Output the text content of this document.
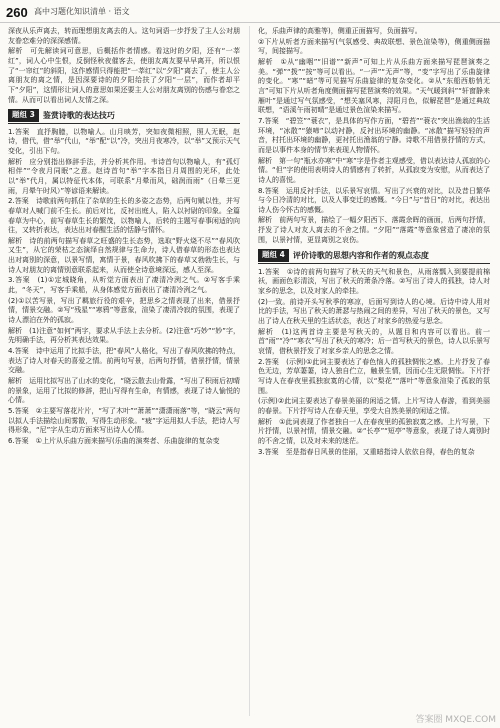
260 高中习题化知识清单 · 语文

深夜从乐声离去，转而理想朋友离去的人。这句词语一步抒发了主人公对朋友眷恋难分的深深感情。

解析　可先解读词可意思，后概括作者情感。看这时的夕阳，还有“一莘红”，词人心中生恨，反倒怪秋夜催客去，使朋友离友要早早离开，所以恨了“一帘红”的斜阳，这作感情只得能把“一莘红”以“夕阳”离去了，使主人公离朋友的离之情，是因深要诗的的夕阳给扶了夕阳“一层”，而作者却平下“夕阳”，这情形让词人的意思如果还要主人公对朋友离别的伤感与眷恋之情。从而可以看出词人友情之深。

题组 3	鉴赏诗歌的表达技巧

1.答案　直抒胸臆，以物喻人。山月映芳，突如夜微相照，照人无眠，赵诗，借代，借“举”代山，“举”配“以”冷，突出月夜寒冷，以“举”又预示天气变化，引出下句。

解析　应分别指出修辞手法，并分析其作用。韦诗首句以物喻人，有“孤灯相伴”“令夜月同眠”之意。赵诗首句“举”字本指日月周围的光环，此处以“举”代月，属以特征代本体，可联系“月晕而风，础润而雨”（日晕三更雨，月晕午时风）”等谚语来解读。

2.答案　诗歌前两句抓住了杂草的生长的多姿之态势，后两句赋以性，并写春草对人喊门前不生长。前后对比，反衬出庭人，陷入以衬尉的印象。全篇春草为中心，前写春草生长的繁茂，以物喻人，后转的主题写春事闲适的向往，又转折表达，表达出对春醒生活的恬静与情怀。

解析　诗的前两句描写春草之旺盛的生长态势，选取“野火烧不尽”“春风吹又生”，从它的荣枯之态演绎自然规律与生命力，诗人借春草的形态也表达出对离别的深意，以景写情，寓情于景，春风吹拂下的春草又勃勃生长，与诗人对朋友的离情别意联系起来，从而使全诗意境深远，感人至深。

3.答案　(1)①定城晓角，从听觉方面表出了凄清冷洌之气。②写客手乘此，“冬天”，写客手乘船，从身体感觉方面表出了凄清冷洌之气。

(2)①以苦写景，写出了羁旅行役的艰辛，把思乡之情表现了出来，借景抒情，情景交融。②写“残星”“寒鸦”等意象，渲染了凄清冷寂的氛围，表现了诗人漂泊在外的孤寂。

解析　(1)注意“如何”两字，要求从手法上去分析。(2)注意“巧妙”“妙”字，先明确手法，再分析其表达效果。

4.答案　诗中运用了比拟手法，把“春风”人格化，写出了春风吹拂的特点，表达了诗人对春天的喜爱之情。前两句写景，后两句抒情，借景抒情，情景交融。

解析　运用比拟写出了山水的变化，“晓云散去山骨露，“写出了积雨后初晴的景象，运用了比拟的修辞，把山写得有生命，有情感，表现了诗人愉悦的心情。

5.答案　②主要写落花片片，“写了木叶”“萧萧”“潇潇雨落”等，“晓云”两句以拟人手法描绘山间雾散，写得生动形象。“疲”字运用拟人手法，把诗人写得形象，“尼”字从生动方面来写出诗人心情。

6.答案　①上片从乐曲方面来描写(乐曲的演奏者、乐曲旋律的复杂变

化，乐曲声律的高雅等)，侧重正面描写，负面描写。

②下片从听者方面来描写(气氛感受、典故联想、景色渲染等)，侧重侧面描写，间接描写。

解析　①从“幽咽”“旧谱”“新声”可知上片从乐曲方面来描写琵琶演奏之美。“弹”“拨”“按”等可以看出。“一声”“无声”等，“变”字写出了乐曲旋律的变化。“寒”“暗”等可见描写乐曲旋律的复杂变化。②从“东船西舫悄无言”可知下片从听者角度侧面描写琵琶演奏的效果。“天气暖到斜”“轩窗静来雁叶”是通过写气氛感受，“想关塞风寒，浔阳月色，似解琵琶”是通过典故联想，“语溪午雨初晴”是通过景色渲染来描写。

7.答案　“碧笠”“蓑衣”，是具体的写作方面，“碧苔”“蓑衣”突出渔翁的生活环境，“冰散”“猿啼”以动衬静，反衬出环境的幽静。“冰散”描写轻轻的声音，村托出环境的幽静，更衬托出渔翁的宁静。诗歌不用借景抒情的方式，而是以事件本身的情节来表现人物情怀。

解析　第一句“瓶水亦寒”中“寒”字是作者主观感受，借以表达诗人孤寂的心情。“但”字的使用表明诗人的情感有了转折，从孤寂变为安慰，从而表达了诗人的喜悦。

8.答案　运用反衬手法，以乐景写哀情。写出了兴衰的对比，以及昔日繁华与今日冷清的对比，以及人事变迁的感慨。“今日”与“昔日”的对比，表达出诗人伤今怀古的感慨。

解析　前两句写景，描绘了一幅夕阳西下、落霞余晖的画面，后两句抒情，抒发了诗人对友人离去的不舍之情。“夕阳”“落霞”等意象营造了凄凉的氛围，以景衬情，更显离别之哀伤。

题组 4	评价诗歌的思想内容和作者的观点态度

1.答案　①诗的前两句描写了秋天的天气和景色，从雨落瓢入到要提前棉袄，画面色彩清淡，写出了秋天的萧条冷落。②写出了诗人的孤独，诗人对家乡的思念，以及对家人的牵挂。

(2)一致。前诗开头写秋季的寒凉，后面写到诗人的心境。后诗中诗人用对比的手法，写出了秋天的萧瑟与热闹之间的差异，写出了秋天的景色，又写出了诗人在秋天里的生活状态，表达了对家乡的热爱与思念。

解析　(1)这两首诗主要是写秋天的，从题目和内容可以看出。前一首“雨”“冷”“寒衣”写出了秋天的寒冷；后一首写秋天的景色，诗人以乐景写哀情，借秋景抒发了对家乡亲人的思念之情。

2.答案　(示例)①此词主要表达了春色恼人的孤独惆怅之感。上片抒发了春色无边，芳草萋萋，诗人独自伫立，触景生情，因而心生无限惆怅。下片抒写诗人在春夜里孤独寂寞的心情，以“梨花”“落叶”等意象渲染了孤寂的氛围。

(示例)②此词主要表达了春景美丽的闲适之情。上片写诗人春游，看到美丽的春景。下片抒写诗人在春天里，享受大自然美景的闲适之情。

解析　①此词表现了作者独自一人在春夜里的孤独寂寞之感。上片写景，下片抒情，以景衬情，情景交融。②“长亭”“短亭”等意象，表现了诗人离别时的不舍之情，以及对未来的迷茫。

3.答案　至是指春日风景的佳丽，又重暗指诗人依依自得，春色的复杂

答案圈 MXQE.COM
